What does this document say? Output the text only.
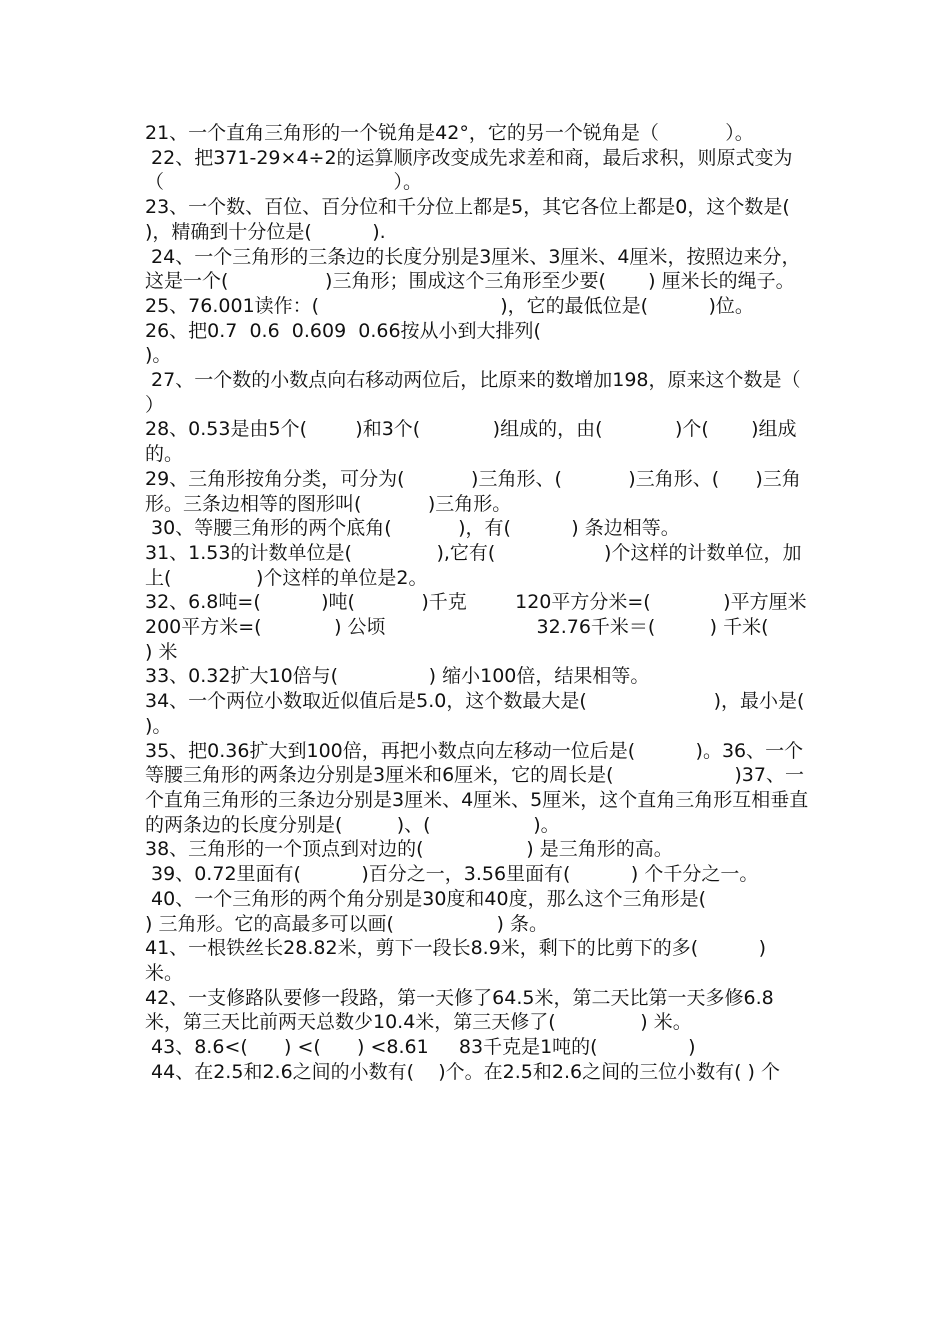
21、一个直角三角形的一个锐角是42°，它的另一个锐角是（           ）。

22、把371-29×4÷2的运算顺序改变成先求差和商，最后求积，则原式变为（                                      ）。

23、一个数、百位、百分位和千分位上都是5，其它各位上都是0，这个数是(          )，精确到十分位是(          ).

24、一个三角形的三条边的长度分别是3厘米、3厘米、4厘米，按照边来分，这是一个(                )三角形；围成这个三角形至少要(       ) 厘米长的绳子。

25、76.001读作：(                              )，它的最低位是(          )位。

26、把0.7  0.6  0.609  0.66按从小到大排列(                                                  )。

27、一个数的小数点向右移动两位后，比原来的数增加198，原来这个数是（ ）

28、0.53是由5个(        )和3个(            )组成的，由(            )个(       )组成的。

29、三角形按角分类，可分为(           )三角形、(           )三角形、(      )三角形。三条边相等的图形叫(           )三角形。

30、等腰三角形的两个底角(           )，有(          ) 条边相等。

31、1.53的计数单位是(              ),它有(                  )个这样的计数单位，加上(              )个这样的单位是2。

32、6.8吨=(          )吨(           )千克        120平方分米=(            )平方厘米 200平方米=(            ) 公顷                         32.76千米＝(         ) 千米(        ) 米

33、0.32扩大10倍与(               ) 缩小100倍，结果相等。

34、一个两位小数取近似值后是5.0，这个数最大是(                     )，最小是(               )。

35、把0.36扩大到100倍，再把小数点向左移动一位后是(          )。36、一个等腰三角形的两条边分别是3厘米和6厘米，它的周长是(                    )37、一个直角三角形的三条边分别是3厘米、4厘米、5厘米，这个直角三角形互相垂直的两条边的长度分别是(         )、(                 )。

38、三角形的一个顶点到对边的(                 ) 是三角形的高。

39、0.72里面有(          )百分之一，3.56里面有(          ) 个千分之一。

40、一个三角形的两个角分别是30度和40度，那么这个三角形是(                  ) 三角形。它的高最多可以画(                 ) 条。

41、一根铁丝长28.82米，剪下一段长8.9米，剩下的比剪下的多(          ) 米。

42、一支修路队要修一段路，第一天修了64.5米，第二天比第一天多修6.8米，第三天比前两天总数少10.4米，第三天修了(              ) 米。

43、8.6<(      ) <(      ) <8.61     83千克是1吨的(               )

44、在2.5和2.6之间的小数有(    )个。在2.5和2.6之间的三位小数有( ) 个
